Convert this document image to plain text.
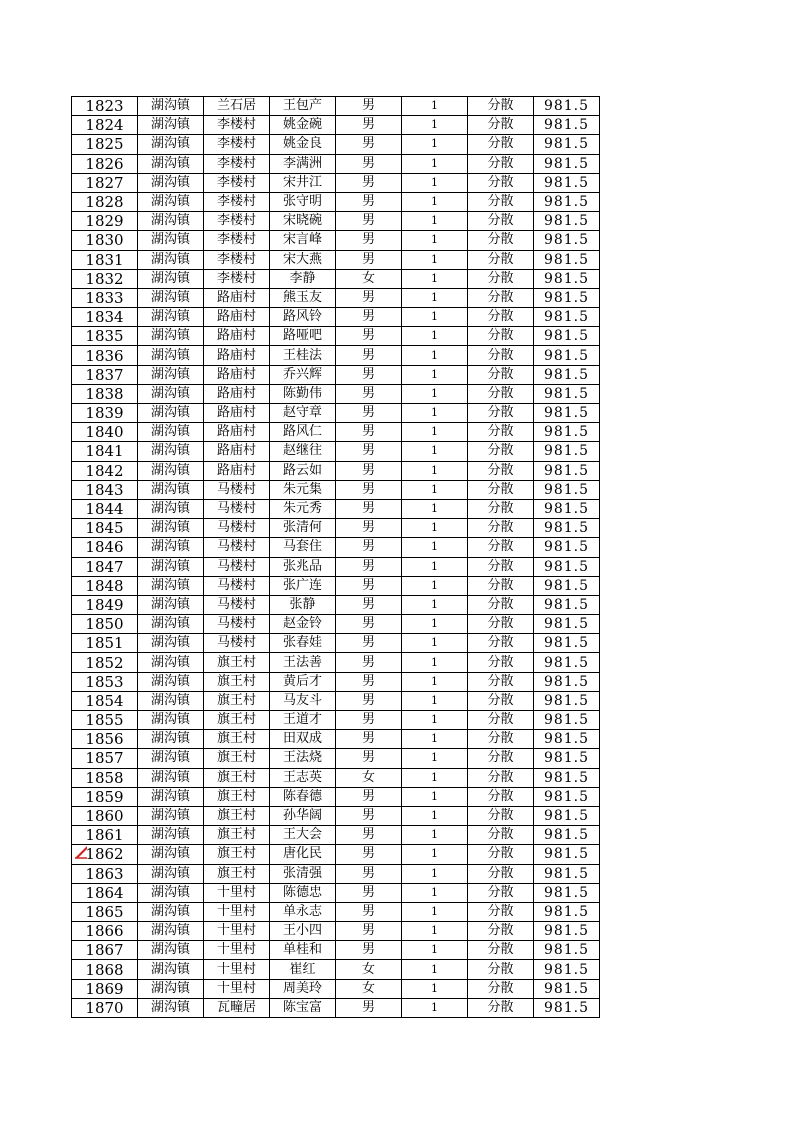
1823	湖沟镇	兰石居	王包产	男	1	分散	981.5
1824	湖沟镇	李楼村	姚金碗	男	1	分散	981.5
1825	湖沟镇	李楼村	姚金良	男	1	分散	981.5
1826	湖沟镇	李楼村	李满洲	男	1	分散	981.5
1827	湖沟镇	李楼村	宋井江	男	1	分散	981.5
1828	湖沟镇	李楼村	张守明	男	1	分散	981.5
1829	湖沟镇	李楼村	宋晓碗	男	1	分散	981.5
1830	湖沟镇	李楼村	宋言峰	男	1	分散	981.5
1831	湖沟镇	李楼村	宋大燕	男	1	分散	981.5
1832	湖沟镇	李楼村	李静	女	1	分散	981.5
1833	湖沟镇	路庙村	熊玉友	男	1	分散	981.5
1834	湖沟镇	路庙村	路风铃	男	1	分散	981.5
1835	湖沟镇	路庙村	路哑吧	男	1	分散	981.5
1836	湖沟镇	路庙村	王桂法	男	1	分散	981.5
1837	湖沟镇	路庙村	乔兴辉	男	1	分散	981.5
1838	湖沟镇	路庙村	陈勤伟	男	1	分散	981.5
1839	湖沟镇	路庙村	赵守章	男	1	分散	981.5
1840	湖沟镇	路庙村	路风仁	男	1	分散	981.5
1841	湖沟镇	路庙村	赵继往	男	1	分散	981.5
1842	湖沟镇	路庙村	路云如	男	1	分散	981.5
1843	湖沟镇	马楼村	朱元集	男	1	分散	981.5
1844	湖沟镇	马楼村	朱元秀	男	1	分散	981.5
1845	湖沟镇	马楼村	张清何	男	1	分散	981.5
1846	湖沟镇	马楼村	马套住	男	1	分散	981.5
1847	湖沟镇	马楼村	张兆品	男	1	分散	981.5
1848	湖沟镇	马楼村	张广连	男	1	分散	981.5
1849	湖沟镇	马楼村	张静	男	1	分散	981.5
1850	湖沟镇	马楼村	赵金铃	男	1	分散	981.5
1851	湖沟镇	马楼村	张春娃	男	1	分散	981.5
1852	湖沟镇	旗王村	王法善	男	1	分散	981.5
1853	湖沟镇	旗王村	黄后才	男	1	分散	981.5
1854	湖沟镇	旗王村	马友斗	男	1	分散	981.5
1855	湖沟镇	旗王村	王道才	男	1	分散	981.5
1856	湖沟镇	旗王村	田双成	男	1	分散	981.5
1857	湖沟镇	旗王村	王法烧	男	1	分散	981.5
1858	湖沟镇	旗王村	王志英	女	1	分散	981.5
1859	湖沟镇	旗王村	陈春德	男	1	分散	981.5
1860	湖沟镇	旗王村	孙华阔	男	1	分散	981.5
1861	湖沟镇	旗王村	王大会	男	1	分散	981.5
1862	湖沟镇	旗王村	唐化民	男	1	分散	981.5
1863	湖沟镇	旗王村	张清强	男	1	分散	981.5
1864	湖沟镇	十里村	陈德忠	男	1	分散	981.5
1865	湖沟镇	十里村	单永志	男	1	分散	981.5
1866	湖沟镇	十里村	王小四	男	1	分散	981.5
1867	湖沟镇	十里村	单桂和	男	1	分散	981.5
1868	湖沟镇	十里村	崔红	女	1	分散	981.5
1869	湖沟镇	十里村	周美玲	女	1	分散	981.5
1870	湖沟镇	瓦疃居	陈宝富	男	1	分散	981.5
